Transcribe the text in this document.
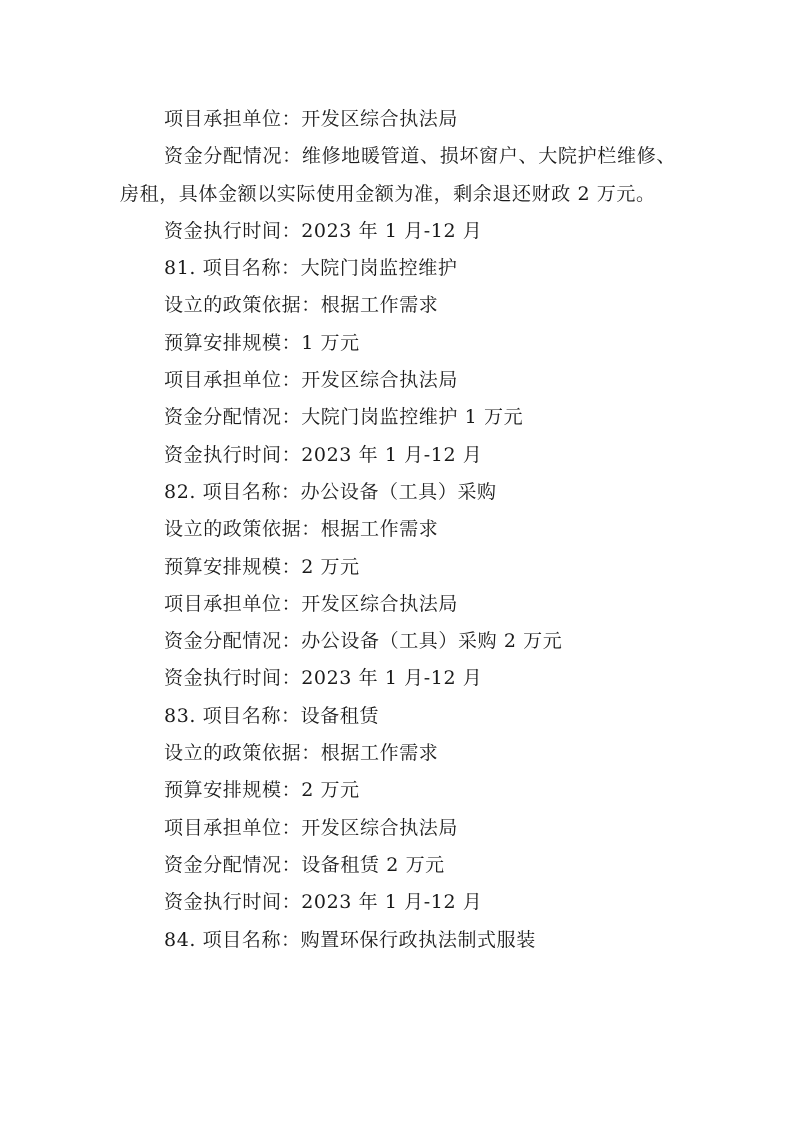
项目承担单位：开发区综合执法局
资金分配情况：维修地暖管道、损坏窗户、大院护栏维修、房租，具体金额以实际使用金额为准，剩余退还财政 2 万元。
资金执行时间：2023 年 1 月-12 月
81. 项目名称：大院门岗监控维护
设立的政策依据：根据工作需求
预算安排规模：1 万元
项目承担单位：开发区综合执法局
资金分配情况：大院门岗监控维护 1 万元
资金执行时间：2023 年 1 月-12 月
82. 项目名称：办公设备（工具）采购
设立的政策依据：根据工作需求
预算安排规模：2 万元
项目承担单位：开发区综合执法局
资金分配情况：办公设备（工具）采购 2 万元
资金执行时间：2023 年 1 月-12 月
83. 项目名称：设备租赁
设立的政策依据：根据工作需求
预算安排规模：2 万元
项目承担单位：开发区综合执法局
资金分配情况：设备租赁 2 万元
资金执行时间：2023 年 1 月-12 月
84. 项目名称：购置环保行政执法制式服装
